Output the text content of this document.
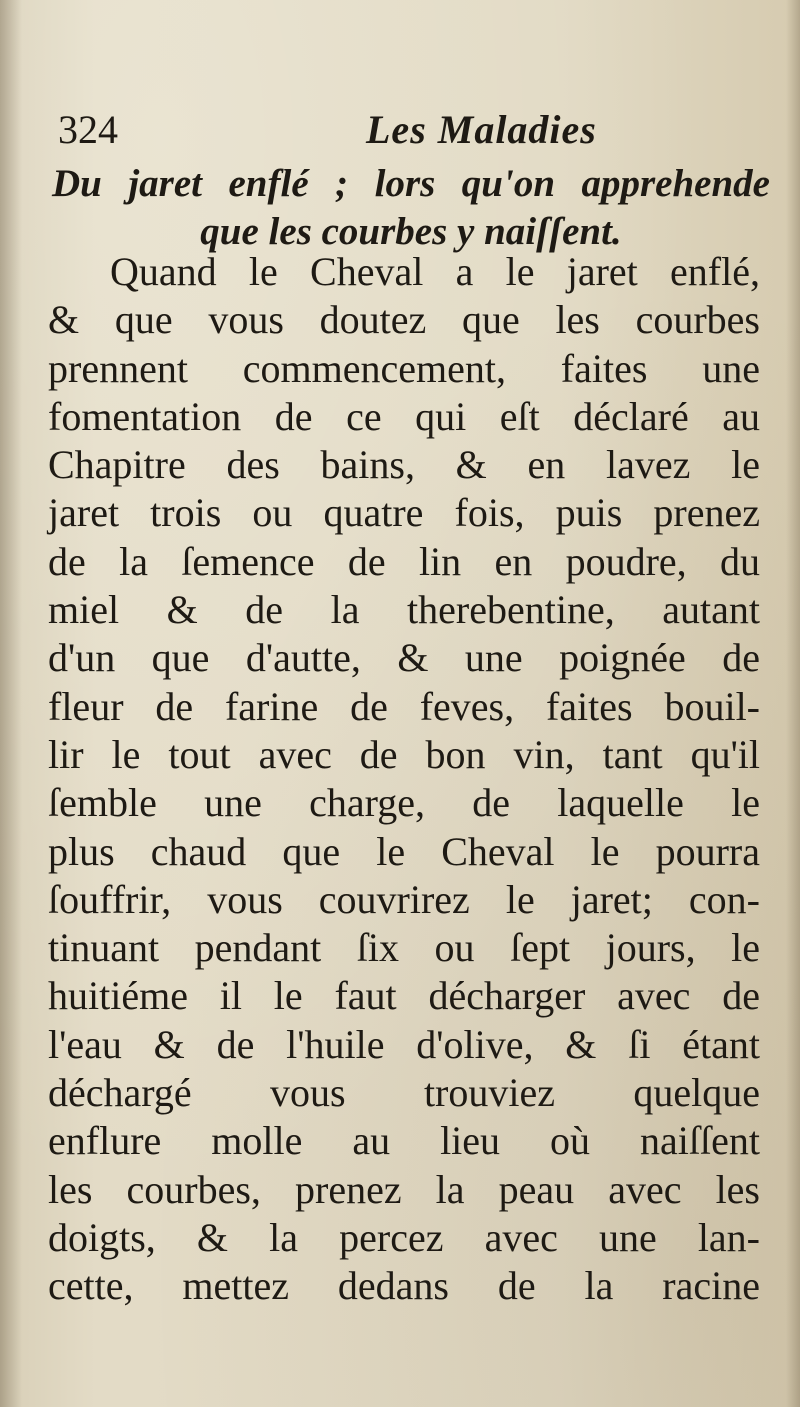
324	Les Maladies
Du jaret enflé ; lors qu'on apprehende
que les courbes y naiſſent.
Quand le Cheval a le jaret enflé,
& que vous doutez que les courbes
prennent commencement, faites une
fomentation de ce qui eſt déclaré au
Chapitre des bains, & en lavez le
jaret trois ou quatre fois, puis prenez
de la ſemence de lin en poudre, du
miel & de la therebentine, autant
d'un que d'autte, & une poignée de
fleur de farine de feves, faites bouil-
lir le tout avec de bon vin, tant qu'il
ſemble une charge, de laquelle le
plus chaud que le Cheval le pourra
ſouffrir, vous couvrirez le jaret; con-
tinuant pendant ſix ou ſept jours, le
huitiéme il le faut décharger avec de
l'eau & de l'huile d'olive, & ſi étant
déchargé vous trouviez quelque
enflure molle au lieu où naiſſent
les courbes, prenez la peau avec les
doigts, & la percez avec une lan-
cette, mettez dedans de la racine
